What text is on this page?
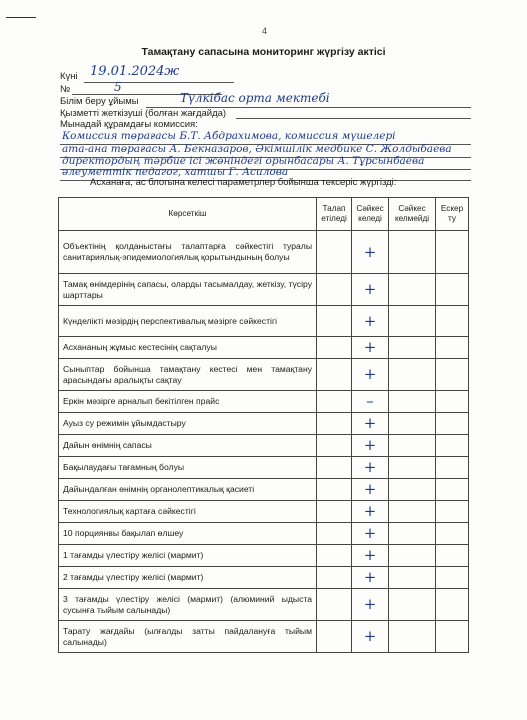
4
Тамақтану сапасына мониторинг жүргізу актісі
Күні 19.01.2024ж
№	5
Білім беру ұйымы	Түлкібас орта мектебі
Қызметті жеткізуші (болған жағдайда)
Мынадай құрамдағы комиссия:
Комиссия төрағасы Б.Т. Абдрахимова, комиссия мүшелері
ата-ана төрағасы А. Бекназаров, Әкімшілік медбике С. Жолдыбаева
директордың тәрбие ісі жөніндегі орынбасары А. Тұрсынбаева
әлеуметтік педагог, хатшы Г. Асилова
Асханаға, ас блогына келесі параметрлер бойынша тексеріс жүргізді:
Көрсеткіш	Талап етіледі	Сәйкес келеді	Сәйкес келмейді	Ескер ту
Объектінің қолданыстағы талаптарға сәйкестігі туралы санитариялық-эпидемиологиялық қорытындының болуы		+		
Тамақ өнімдерінің сапасы, оларды тасымалдау, жеткізу, түсіру шарттары		+		
Күнделікті мәзірдің перспективалық мәзірге сәйкестігі		+		
Асхананың жұмыс кестесінің сақталуы		+		
Сыныптар бойынша тамақтану кестесі мен тамақтану арасындағы аралықты сақтау		+		
Еркін мәзірге арналып бекітілген прайс		–		
Ауыз су режимін ұйымдастыру		+		
Дайын өнімнің сапасы		+		
Бақылаудағы тағамның болуы		+		
Дайындалған өнімнің органолептикалық қасиеті		+		
Технологиялық картаға сәйкестігі		+		
10 порциянвы бақылап өлшеу		+		
1 тағамды үлестіру желісі (мармит)		+		
2 тағамды үлестіру желісі (мармит)		+		
3 тағамды үлестіру желісі (мармит) (алюминий ыдыста сусынға тыйым салынады)		+		
Тарату жағдайы (ылғалды затты пайдалануға тыйым салынады)		+		
